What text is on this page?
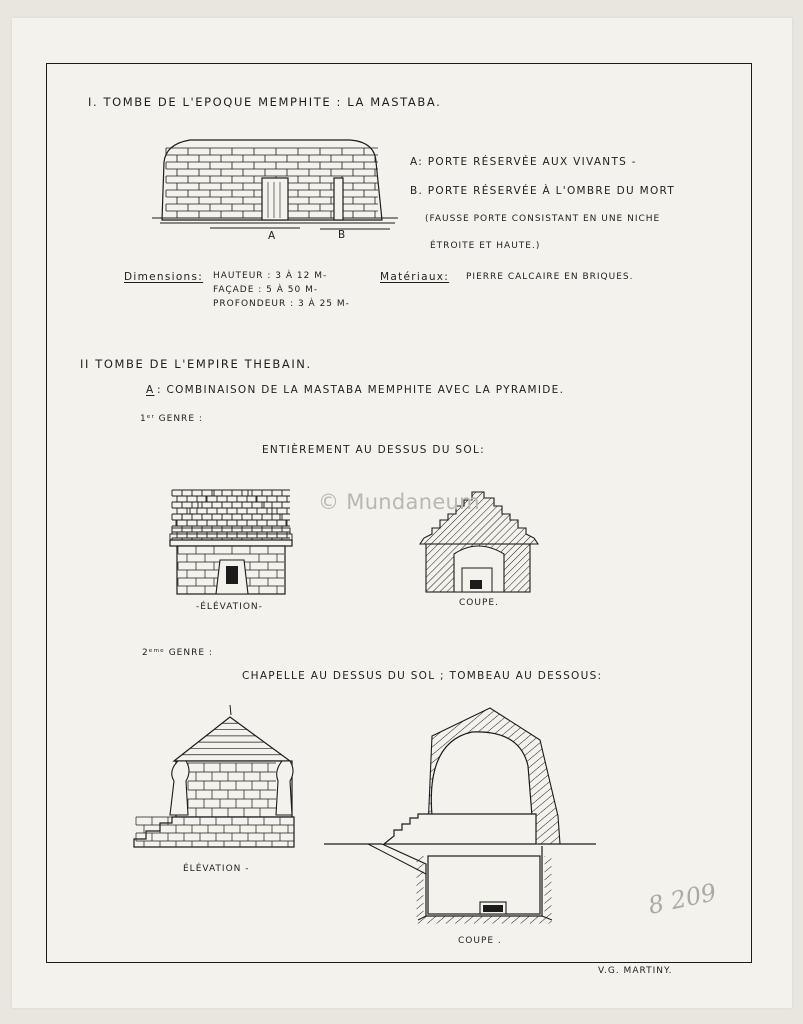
I. TOMBE DE L'EPOQUE MEMPHITE : LA MASTABA.
A	B
A: PORTE RÉSERVÉE AUX VIVANTS -
B. PORTE RÉSERVÉE À L'OMBRE DU MORT
(FAUSSE PORTE CONSISTANT EN UNE NICHE
ÉTROITE ET HAUTE.)
Dimensions: HAUTEUR : 3 À 12 M-
FAÇADE : 5 À 50 M-
PROFONDEUR : 3 À 25 M-
Matériaux: PIERRE CALCAIRE EN BRIQUES.
II TOMBE DE L'EMPIRE THEBAIN.
A : COMBINAISON DE LA MASTABA MEMPHITE AVEC LA PYRAMIDE.
1ᵉʳ GENRE :
ENTIÈREMENT AU DESSUS DU SOL:
-ÉLÉVATION-	COUPE.
2ᵉᵐᵉ GENRE :
CHAPELLE AU DESSUS DU SOL ; TOMBEAU AU DESSOUS:
ÉLÉVATION -
COUPE .
© Mundaneum
8 209
V.G. MARTINY.
